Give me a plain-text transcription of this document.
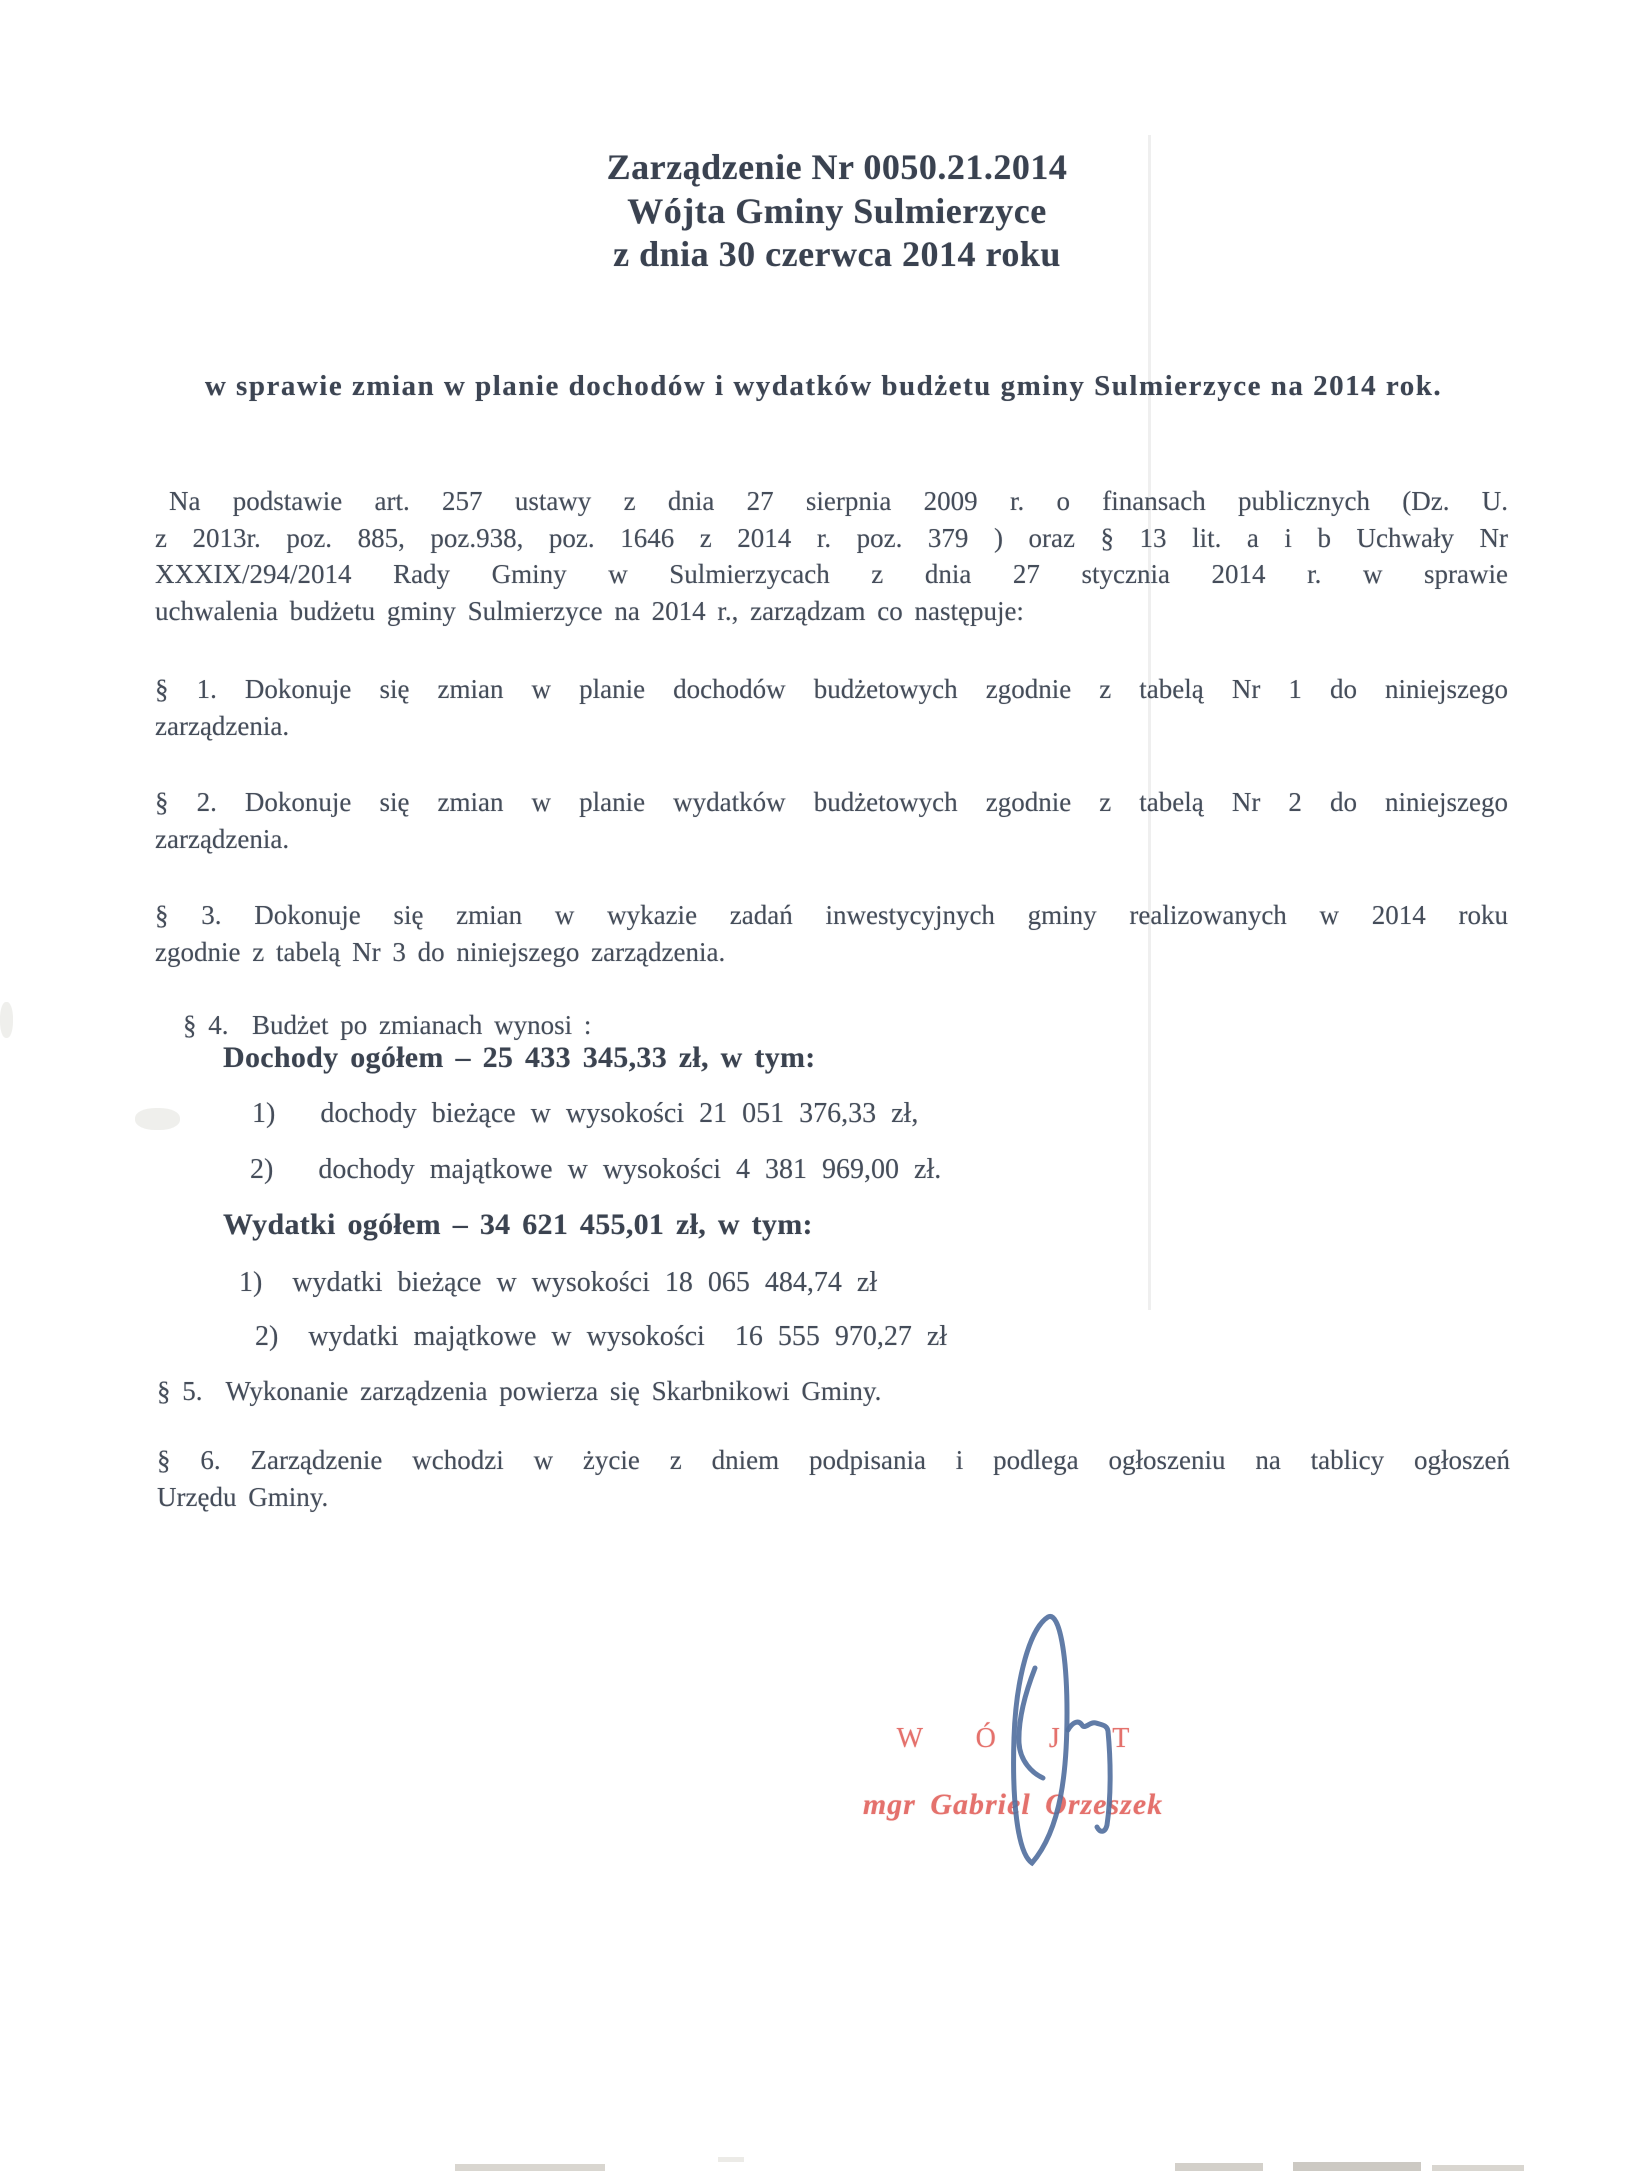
Zarządzenie Nr 0050.21.2014
Wójta Gminy Sulmierzyce
z dnia 30 czerwca 2014 roku
w sprawie zmian w planie dochodów i wydatków budżetu gminy Sulmierzyce na 2014 rok.
Na podstawie art. 257 ustawy z dnia 27 sierpnia 2009 r. o finansach publicznych (Dz. U.
z 2013r. poz. 885, poz.938, poz. 1646 z 2014 r. poz. 379 ) oraz § 13 lit. a i b Uchwały Nr
XXXIX/294/2014 Rady Gminy w Sulmierzycach z dnia 27 stycznia 2014 r. w sprawie
uchwalenia budżetu gminy Sulmierzyce na 2014 r., zarządzam co następuje:
§ 1. Dokonuje się zmian w planie dochodów budżetowych zgodnie z tabelą Nr 1 do niniejszego
zarządzenia.
§ 2. Dokonuje się zmian w planie wydatków budżetowych zgodnie z tabelą Nr 2 do niniejszego
zarządzenia.
§ 3. Dokonuje się zmian w wykazie zadań inwestycyjnych gminy realizowanych w 2014 roku
zgodnie z tabelą Nr 3 do niniejszego zarządzenia.
§ 4.  Budżet po zmianach wynosi :
Dochody ogółem – 25 433 345,33 zł, w tym:
1)   dochody bieżące w wysokości 21 051 376,33 zł,
2)   dochody majątkowe w wysokości 4 381 969,00 zł.
Wydatki ogółem – 34 621 455,01 zł, w tym:
1)  wydatki bieżące w wysokości 18 065 484,74 zł
2)  wydatki majątkowe w wysokości  16 555 970,27 zł
§ 5.  Wykonanie zarządzenia powierza się Skarbnikowi Gminy.
§ 6. Zarządzenie wchodzi w życie z dniem podpisania i podlega ogłoszeniu na tablicy ogłoszeń
Urzędu Gminy.
W Ó J T
mgr Gabriel Orzeszek
